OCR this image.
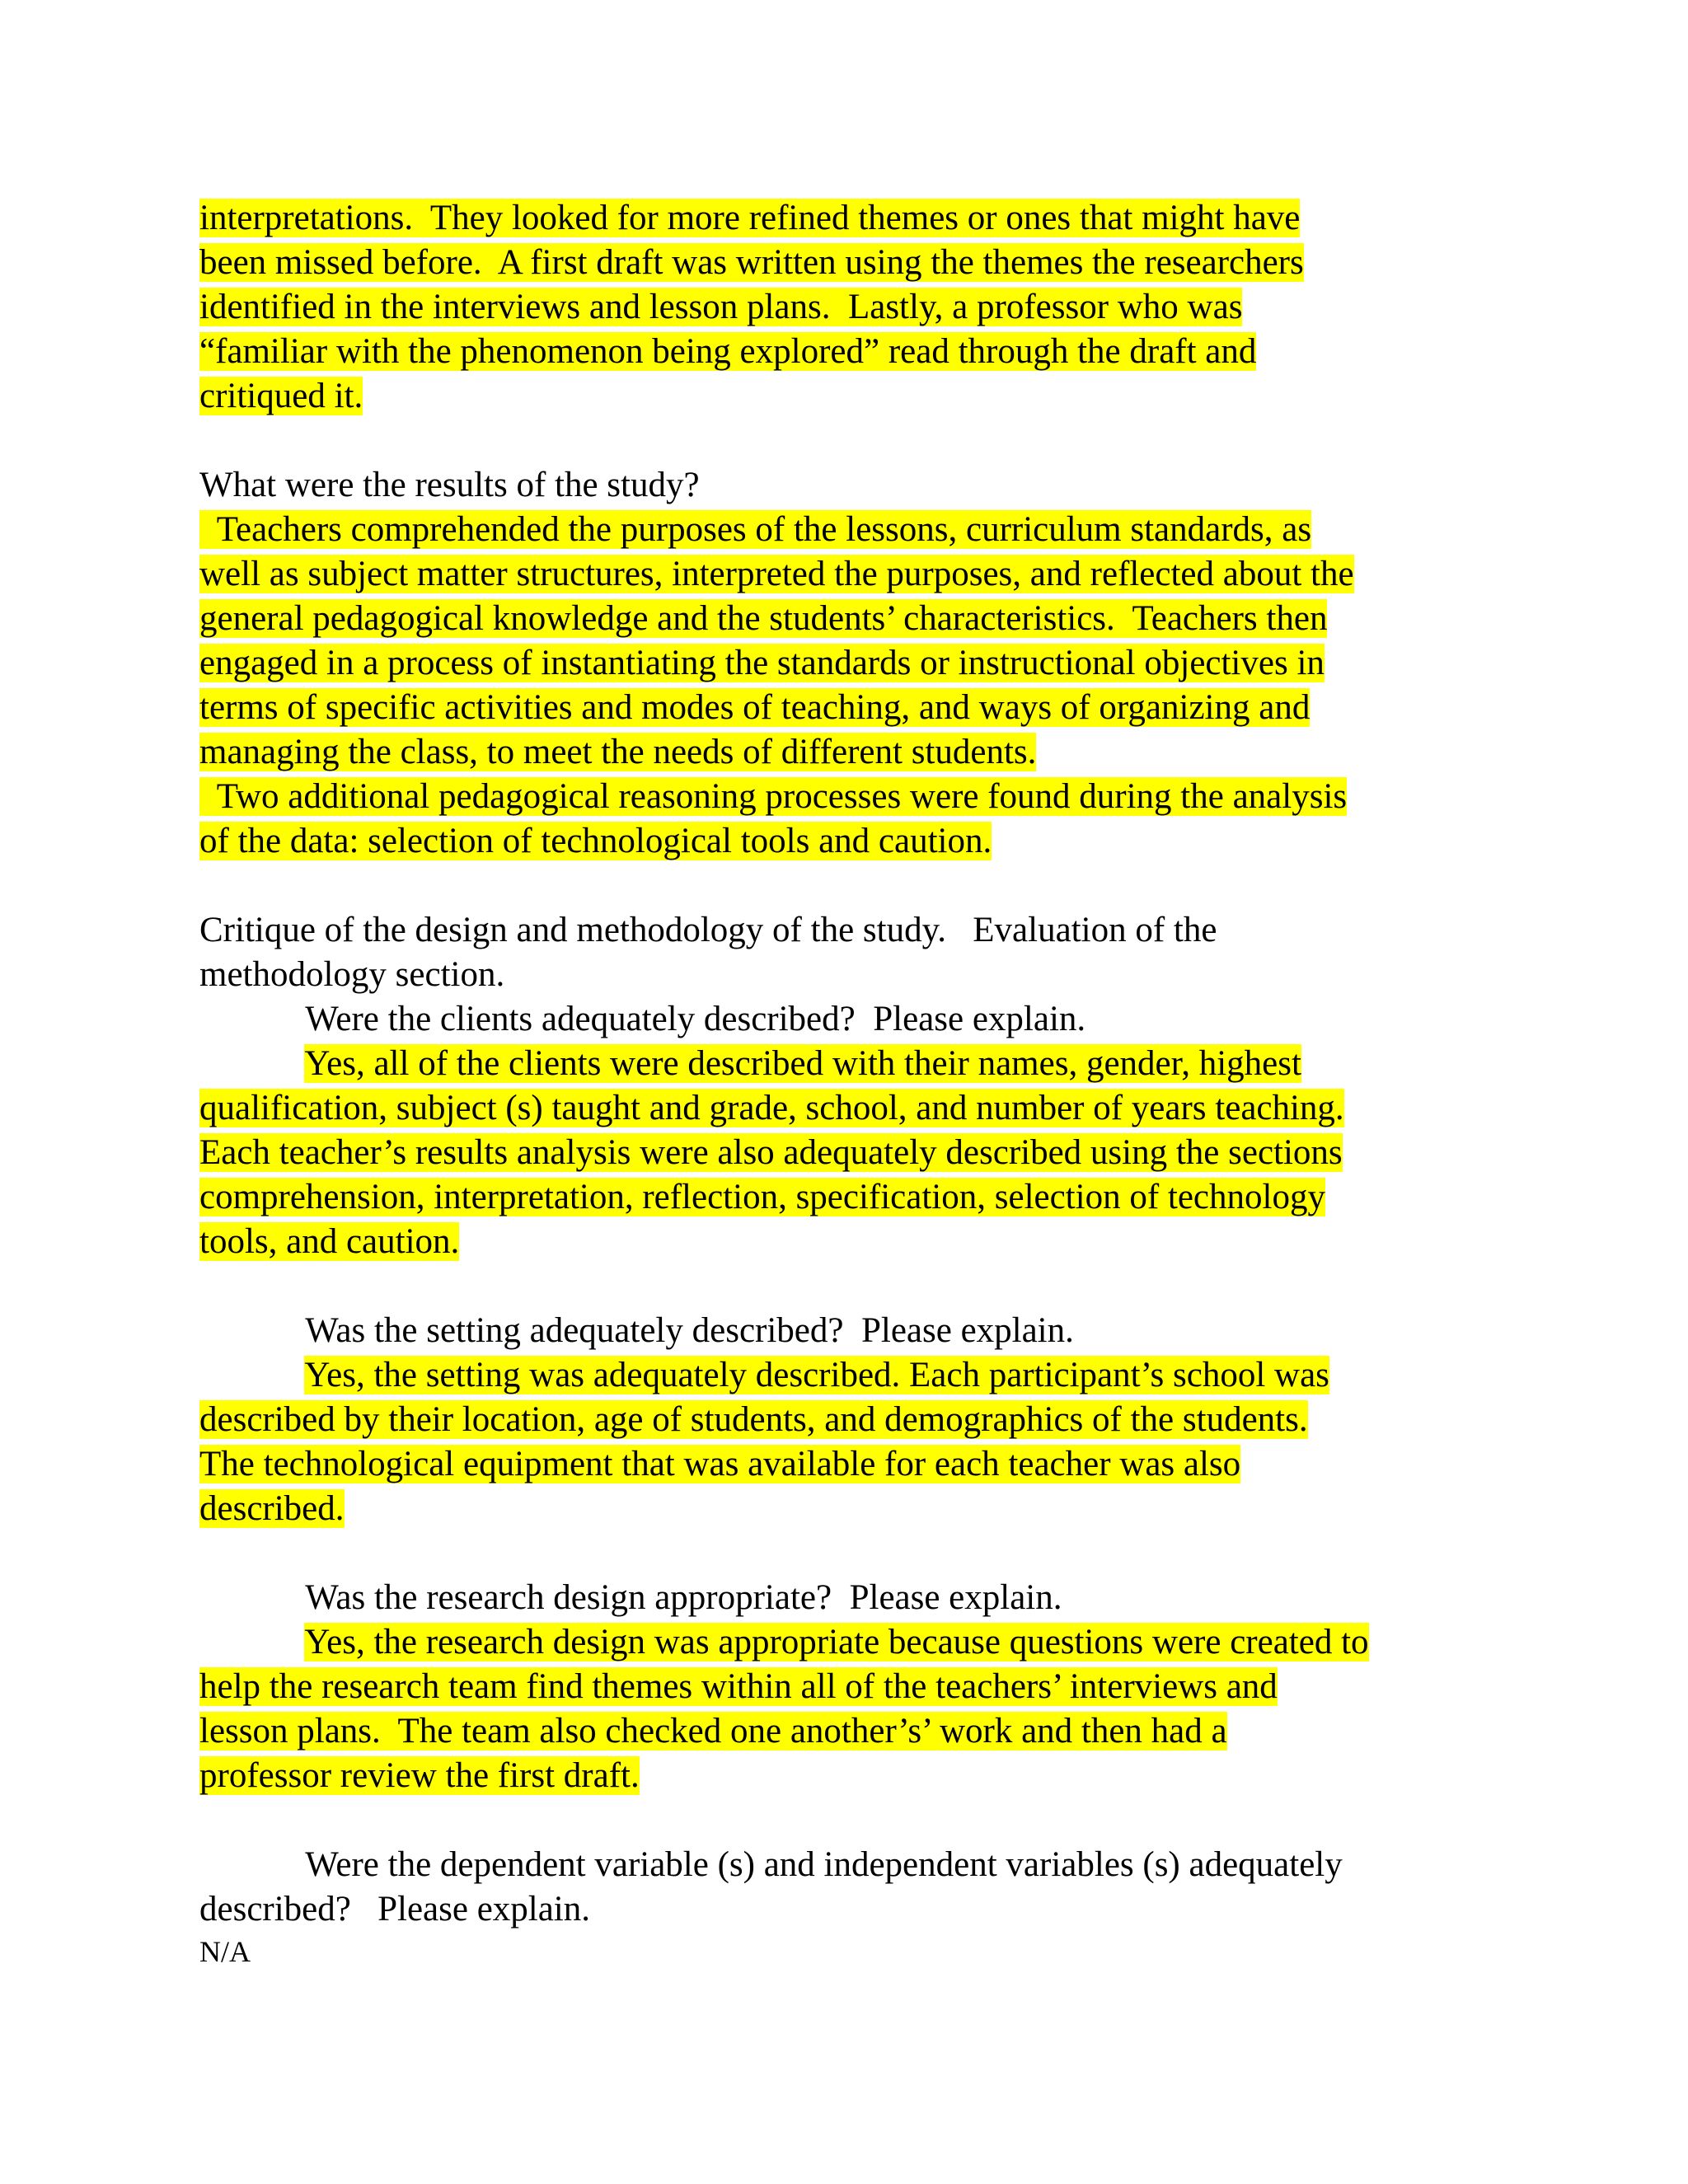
interpretations.  They looked for more refined themes or ones that might have
been missed before.  A first draft was written using the themes the researchers
identified in the interviews and lesson plans.  Lastly, a professor who was
“familiar with the phenomenon being explored” read through the draft and
critiqued it.
What were the results of the study?
Teachers comprehended the purposes of the lessons, curriculum standards, as
well as subject matter structures, interpreted the purposes, and reflected about the
general pedagogical knowledge and the students’ characteristics.  Teachers then
engaged in a process of instantiating the standards or instructional objectives in
terms of specific activities and modes of teaching, and ways of organizing and
managing the class, to meet the needs of different students.
Two additional pedagogical reasoning processes were found during the analysis
of the data: selection of technological tools and caution.
Critique of the design and methodology of the study.   Evaluation of the
methodology section.
Were the clients adequately described?  Please explain.
Yes, all of the clients were described with their names, gender, highest
qualification, subject (s) taught and grade, school, and number of years teaching.
Each teacher’s results analysis were also adequately described using the sections
comprehension, interpretation, reflection, specification, selection of technology
tools, and caution.
Was the setting adequately described?  Please explain.
Yes, the setting was adequately described. Each participant’s school was
described by their location, age of students, and demographics of the students.
The technological equipment that was available for each teacher was also
described.
Was the research design appropriate?  Please explain.
Yes, the research design was appropriate because questions were created to
help the research team find themes within all of the teachers’ interviews and
lesson plans.  The team also checked one another’s’ work and then had a
professor review the first draft.
Were the dependent variable (s) and independent variables (s) adequately
described?   Please explain.
N/A
